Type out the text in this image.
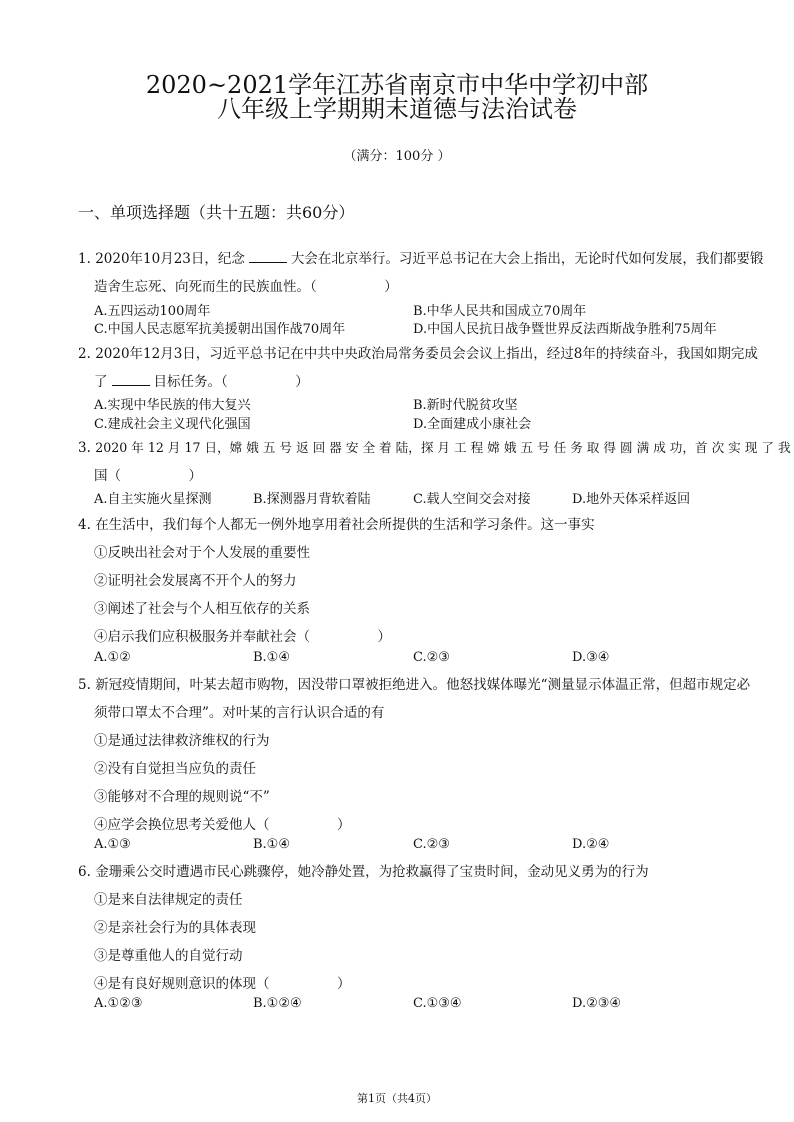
2020~2021学年江苏省南京市中华中学初中部
八年级上学期期末道德与法治试卷
（满分：100分 ）
一、单项选择题（共十五题：共60分）
1. 2020年10月23日，纪念	大会在北京举行。习近平总书记在大会上指出，无论时代如何发展，我们都要锻
造舍生忘死、向死而生的民族血性。（　　　　　）
A.五四运动100周年	B.中华人民共和国成立70周年
C.中国人民志愿军抗美援朝出国作战70周年	D.中国人民抗日战争暨世界反法西斯战争胜利75周年
2. 2020年12月3日，习近平总书记在中共中央政治局常务委员会会议上指出，经过8年的持续奋斗，我国如期完成
了	目标任务。（　　　　　）
A.实现中华民族的伟大复兴	B.新时代脱贫攻坚
C.建成社会主义现代化强国	D.全面建成小康社会
3. 2020 年 12 月 17 日，嫦 娥 五 号 返 回 器 安 全 着 陆，探 月 工 程 嫦 娥 五 号 任 务 取 得 圆 满 成 功，首 次 实 现 了 我
国（　　　　　）
A.自主实施火星探测	B.探测器月背软着陆	C.载人空间交会对接	D.地外天体采样返回
4. 在生活中，我们每个人都无一例外地享用着社会所提供的生活和学习条件。这一事实
①反映出社会对于个人发展的重要性
②证明社会发展离不开个人的努力
③阐述了社会与个人相互依存的关系
④启示我们应积极服务并奉献社会（　　　　　）
A.①②	B.①④	C.②③	D.③④
5. 新冠疫情期间，叶某去超市购物，因没带口罩被拒绝进入。他怒找媒体曝光“测量显示体温正常，但超市规定必
须带口罩太不合理”。对叶某的言行认识合适的有
①是通过法律救济维权的行为
②没有自觉担当应负的责任
③能够对不合理的规则说“不”
④应学会换位思考关爱他人（　　　　　）
A.①③	B.①④	C.②③	D.②④
6. 金珊乘公交时遭遇市民心跳骤停，她冷静处置，为抢救赢得了宝贵时间，金动见义勇为的行为
①是来自法律规定的责任
②是亲社会行为的具体表现
③是尊重他人的自觉行动
④是有良好规则意识的体现（　　　　　）
A.①②③	B.①②④	C.①③④	D.②③④
第1页（共4页）
